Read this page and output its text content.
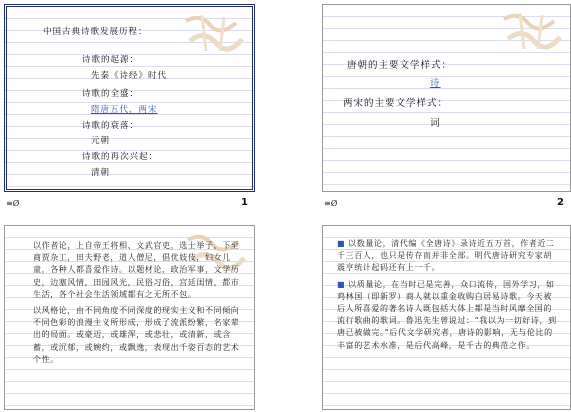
中国古典诗歌发展历程：
诗歌的起源：
先秦《诗经》时代
诗歌的全盛：
隋唐五代，两宋
诗歌的衰落：
元朝
诗歌的再次兴起：
清朝
≡Ø	1
唐朝的主要文学样式：
诗
两宋的主要文学样式：
词
≡Ø	2
以作者论，上自帝王将相、文武官吏，选士举子，下至商贾杂工，田夫野老，道人僧尼，倡优妓伎，妇女儿童，各种人都喜爱作诗。以题材论，政治军事，文学历史，边塞风情，田园风光，民俗习俗，宫廷闺情，都市生活，各个社会生活领域都有之无所不包。
以风格论，由不同角度不同深度的现实主义和不同倾向不同色彩的浪漫主义所形成，形成了流派纷繁，名家辈出的局面。或豪迈，或雄浑，或悲壮，或清新，或含蓄，或沉郁，或婉约，或飘逸，表现出千姿百态的艺术个性。
■ 以数量论，清代编《全唐诗》录诗近五万首，作者近二千三百人，也只是传存而并非全部。明代唐诗研究专家胡震亨统计起码还有上一千。
■ 以质量论，在当时已是完善，众口流传，国外学习，如鸡林国（即新罗）商人就以重金收购白居易诗歌。今天被后人所喜爱的著名诗人既包括大体上都是当时风靡全国的流行歌曲的歌词。鲁迅先生曾说过：“我以为一切好诗，到唐已被做完。”后代文学研究者，唐诗的影响，无与伦比的丰富的艺术水准，是后代高峰，是千古的典范之作。
